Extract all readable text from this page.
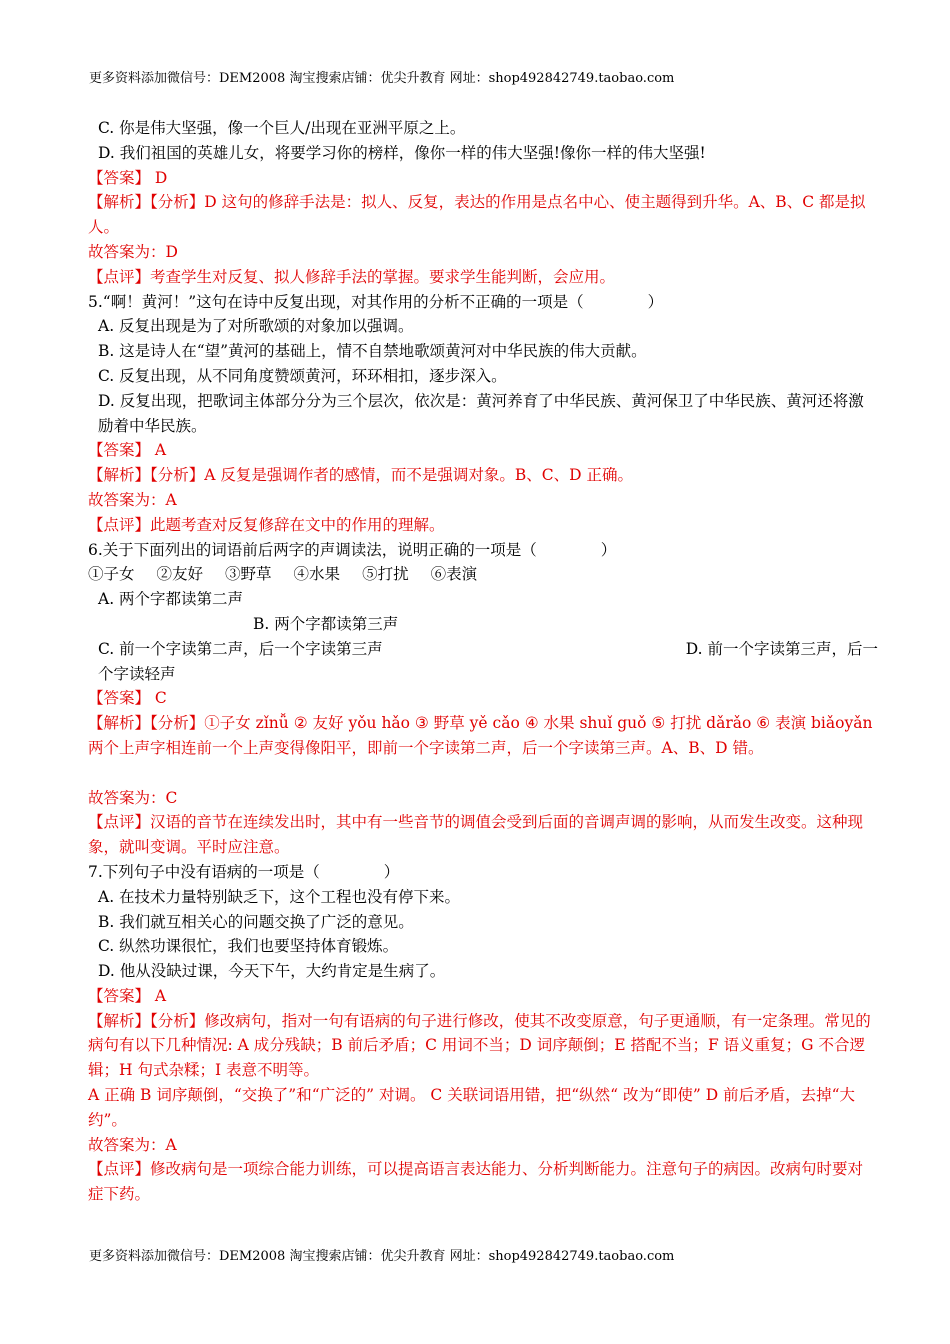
更多资料添加微信号：DEM2008 淘宝搜索店铺：优尖升教育 网址：shop492842749.taobao.com

C. 你是伟大坚强，像一个巨人/出现在亚洲平原之上。

D. 我们祖国的英雄儿女，将要学习你的榜样，像你一样的伟大坚强!像你一样的伟大坚强!

【答案】 D

【解析】【分析】D 这句的修辞手法是：拟人、反复，表达的作用是点名中心、使主题得到升华。A、B、C 都是拟人。

故答案为：D

【点评】考查学生对反复、拟人修辞手法的掌握。要求学生能判断，会应用。

5.“啊！黄河！”这句在诗中反复出现，对其作用的分析不正确的一项是（	）

A. 反复出现是为了对所歌颂的对象加以强调。

B. 这是诗人在“望”黄河的基础上，情不自禁地歌颂黄河对中华民族的伟大贡献。

C. 反复出现，从不同角度赞颂黄河，环环相扣，逐步深入。

D. 反复出现，把歌词主体部分分为三个层次，依次是：黄河养育了中华民族、黄河保卫了中华民族、黄河还将激励着中华民族。

【答案】 A

【解析】【分析】A 反复是强调作者的感情，而不是强调对象。B、C、D 正确。

故答案为：A

【点评】此题考查对反复修辞在文中的作用的理解。

6.关于下面列出的词语前后两字的声调读法，说明正确的一项是（	）

①子女 ②友好 ③野草 ④水果 ⑤打扰 ⑥表演

A. 两个字都读第二声

B. 两个字都读第三声

C. 前一个字读第二声，后一个字读第三声	D. 前一个字读第三声，后一

个字读轻声

【答案】 C

【解析】【分析】①子女 zǐnǚ ② 友好 yǒu hǎo ③ 野草 yě cǎo ④ 水果 shuǐ guǒ ⑤ 打扰 dǎrǎo ⑥ 表演 biǎoyǎn 两个上声字相连前一个上声变得像阳平，即前一个字读第二声，后一个字读第三声。A、B、D 错。

故答案为：C

【点评】汉语的音节在连续发出时，其中有一些音节的调值会受到后面的音调声调的影响，从而发生改变。这种现象，就叫变调。平时应注意。

7.下列句子中没有语病的一项是（	）

A. 在技术力量特别缺乏下，这个工程也没有停下来。

B. 我们就互相关心的问题交换了广泛的意见。

C. 纵然功课很忙，我们也要坚持体育锻炼。

D. 他从没缺过课，今天下午，大约肯定是生病了。

【答案】 A

【解析】【分析】修改病句，指对一句有语病的句子进行修改，使其不改变原意，句子更通顺，有一定条理。常见的病句有以下几种情况: A 成分残缺；B 前后矛盾；C 用词不当；D 词序颠倒；E 搭配不当；F 语义重复；G 不合逻辑；H 句式杂糅；I 表意不明等。

A 正确 B 词序颠倒，“交换了”和“广泛的” 对调。 C 关联词语用错，把“纵然“ 改为“即使” D 前后矛盾，去掉“大约”。

故答案为：A

【点评】修改病句是一项综合能力训练，可以提高语言表达能力、分析判断能力。注意句子的病因。改病句时要对症下药。

更多资料添加微信号：DEM2008 淘宝搜索店铺：优尖升教育 网址：shop492842749.taobao.com
